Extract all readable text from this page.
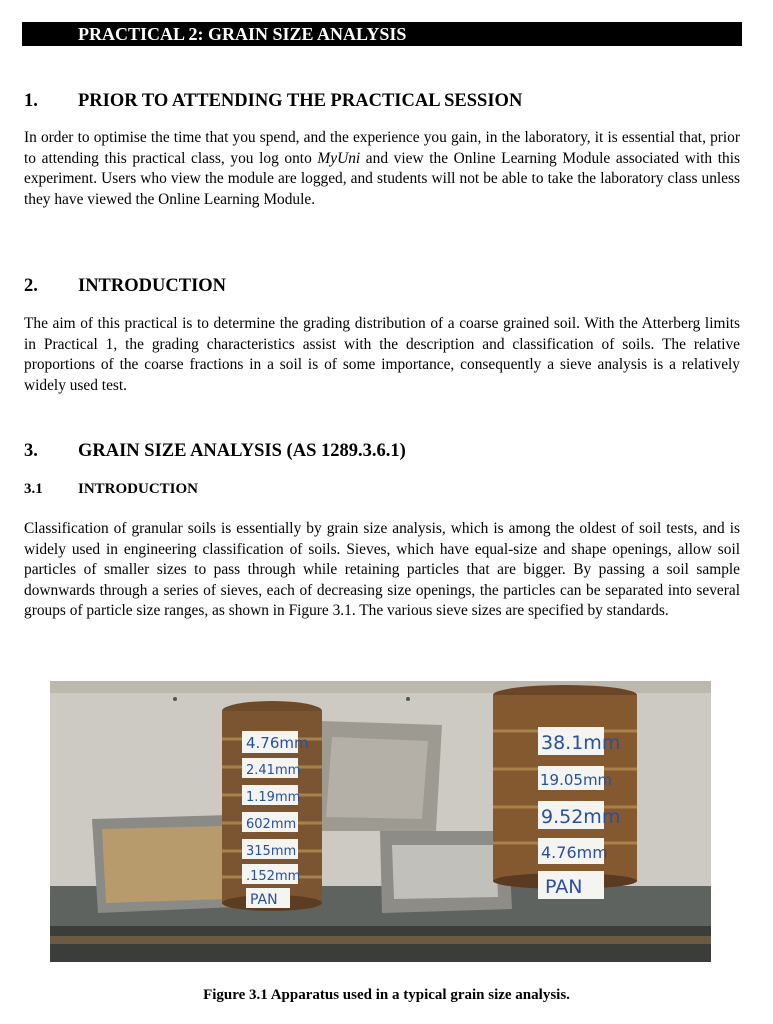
PRACTICAL 2: GRAIN SIZE ANALYSIS
1. PRIOR TO ATTENDING THE PRACTICAL SESSION

In order to optimise the time that you spend, and the experience you gain, in the laboratory, it is essential that, prior to attending this practical class, you log onto MyUni and view the Online Learning Module associated with this experiment. Users who view the module are logged, and students will not be able to take the laboratory class unless they have viewed the Online Learning Module.

2. INTRODUCTION

The aim of this practical is to determine the grading distribution of a coarse grained soil. With the Atterberg limits in Practical 1, the grading characteristics assist with the description and classification of soils. The relative proportions of the coarse fractions in a soil is of some importance, consequently a sieve analysis is a relatively widely used test.

3. GRAIN SIZE ANALYSIS (AS 1289.3.6.1)
3.1 INTRODUCTION

Classification of granular soils is essentially by grain size analysis, which is among the oldest of soil tests, and is widely used in engineering classification of soils. Sieves, which have equal-size and shape openings, allow soil particles of smaller sizes to pass through while retaining particles that are bigger. By passing a soil sample downwards through a series of sieves, each of decreasing size openings, the particles can be separated into several groups of particle size ranges, as shown in Figure 3.1. The various sieve sizes are specified by standards.

4.76mm
2.41mm
1.19mm
602mm
315mm
.152mm
PAN
38.1mm
19.05mm
9.52mm
4.76mm
PAN
Figure 3.1 Apparatus used in a typical grain size analysis.
